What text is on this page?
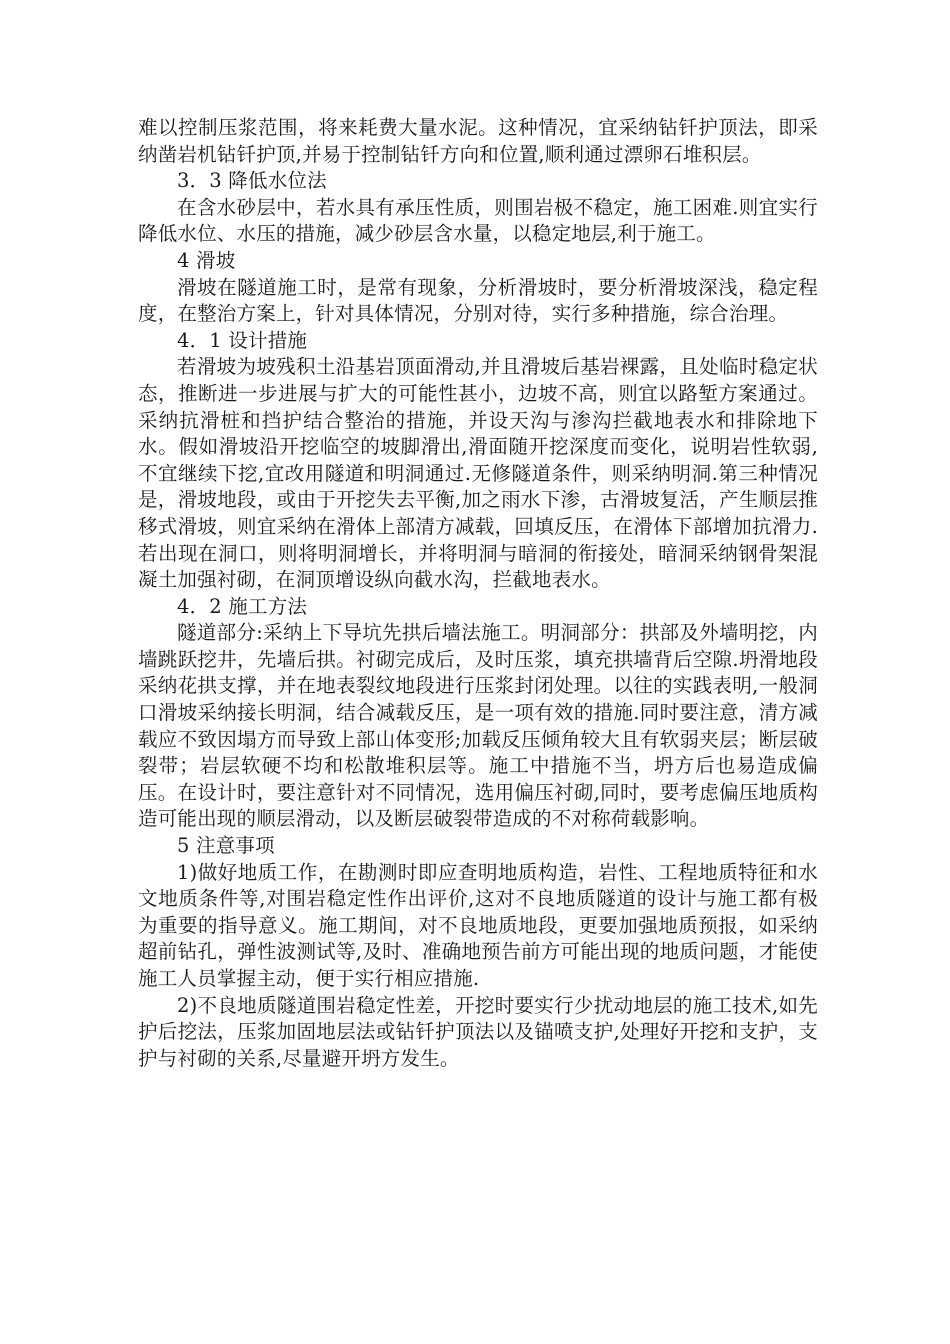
难以控制压浆范围，将来耗费大量水泥。这种情况，宜采纳钻钎护顶法，即采纳凿岩机钻钎护顶,并易于控制钻钎方向和位置,顺利通过漂卵石堆积层。

3．3 降低水位法

在含水砂层中，若水具有承压性质，则围岩极不稳定，施工困难.则宜实行降低水位、水压的措施，减少砂层含水量，以稳定地层,利于施工。

4 滑坡

滑坡在隧道施工时，是常有现象，分析滑坡时，要分析滑坡深浅，稳定程度，在整治方案上，针对具体情况，分别对待，实行多种措施，综合治理。

4．1 设计措施

若滑坡为坡残积土沿基岩顶面滑动,并且滑坡后基岩裸露，且处临时稳定状态，推断进一步进展与扩大的可能性甚小，边坡不高，则宜以路堑方案通过。采纳抗滑桩和挡护结合整治的措施，并设天沟与渗沟拦截地表水和排除地下水。假如滑坡沿开挖临空的坡脚滑出,滑面随开挖深度而变化，说明岩性软弱,不宜继续下挖,宜改用隧道和明洞通过.无修隧道条件，则采纳明洞.第三种情况是，滑坡地段，或由于开挖失去平衡,加之雨水下渗，古滑坡复活，产生顺层推移式滑坡，则宜采纳在滑体上部清方减载，回填反压，在滑体下部增加抗滑力.若出现在洞口，则将明洞增长，并将明洞与暗洞的衔接处，暗洞采纳钢骨架混凝土加强衬砌，在洞顶增设纵向截水沟，拦截地表水。

4．2 施工方法

隧道部分:采纳上下导坑先拱后墙法施工。明洞部分：拱部及外墙明挖，内墙跳跃挖井，先墙后拱。衬砌完成后，及时压浆，填充拱墙背后空隙.坍滑地段采纳花拱支撑，并在地表裂纹地段进行压浆封闭处理。以往的实践表明,一般洞口滑坡采纳接长明洞，结合减载反压，是一项有效的措施.同时要注意，清方减载应不致因塌方而导致上部山体变形;加载反压倾角较大且有软弱夹层；断层破裂带；岩层软硬不均和松散堆积层等。施工中措施不当，坍方后也易造成偏压。在设计时，要注意针对不同情况，选用偏压衬砌,同时，要考虑偏压地质构造可能出现的顺层滑动，以及断层破裂带造成的不对称荷载影响。

5 注意事项

1)做好地质工作，在勘测时即应查明地质构造，岩性、工程地质特征和水文地质条件等,对围岩稳定性作出评价,这对不良地质隧道的设计与施工都有极为重要的指导意义。施工期间，对不良地质地段，更要加强地质预报，如采纳超前钻孔，弹性波测试等,及时、准确地预告前方可能出现的地质问题，才能使施工人员掌握主动，便于实行相应措施.

2)不良地质隧道围岩稳定性差，开挖时要实行少扰动地层的施工技术,如先护后挖法，压浆加固地层法或钻钎护顶法以及锚喷支护,处理好开挖和支护，支护与衬砌的关系,尽量避开坍方发生。
